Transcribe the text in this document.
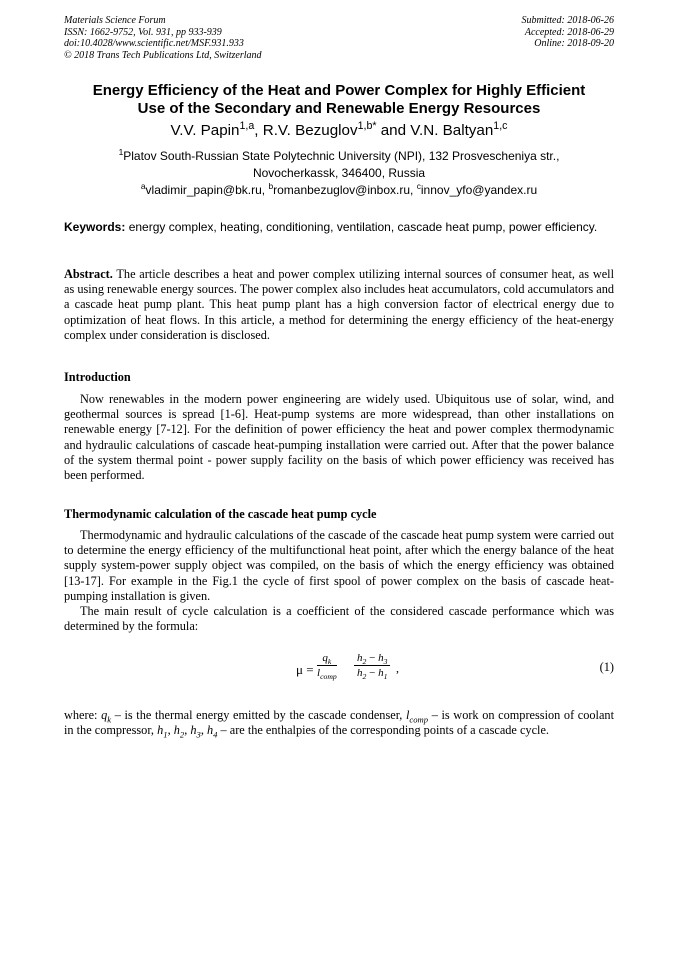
Materials Science Forum
ISSN: 1662-9752, Vol. 931, pp 933-939
doi:10.4028/www.scientific.net/MSF.931.933
© 2018 Trans Tech Publications Ltd, Switzerland
Submitted: 2018-06-26
Accepted: 2018-06-29
Online: 2018-09-20
Energy Efficiency of the Heat and Power Complex for Highly Efficient
Use of the Secondary and Renewable Energy Resources
V.V. Papin$^{1,a}$, R.V. Bezuglov$^{1,b*}$ and V.N. Baltyan$^{1,c}$
$^1$Platov South-Russian State Polytechnic University (NPI), 132 Prosvescheniya str.,
Novocherkassk, 346400, Russia
$^a$vladimir_papin@bk.ru, $^b$romanbezuglov@inbox.ru, $^c$innov_yfo@yandex.ru
Keywords: energy complex, heating, conditioning, ventilation, cascade heat pump, power efficiency.

Abstract. The article describes a heat and power complex utilizing internal sources of consumer heat, as well as using renewable energy sources. The power complex also includes heat accumulators, cold accumulators and a cascade heat pump plant. This heat pump plant has a high conversion factor of electrical energy due to optimization of heat flows. In this article, a method for determining the energy efficiency of the heat-energy complex under consideration is disclosed.

Introduction

Now renewables in the modern power engineering are widely used. Ubiquitous use of solar, wind, and geothermal sources is spread [1-6]. Heat-pump systems are more widespread, than other installations on renewable energy [7-12]. For the definition of power efficiency the heat and power complex thermodynamic and hydraulic calculations of cascade heat-pumping installation were carried out. After that the power balance of the system thermal point - power supply facility on the basis of which power efficiency was received has been performed.

Thermodynamic calculation of the cascade heat pump cycle

Thermodynamic and hydraulic calculations of the cascade of the cascade heat pump system were carried out to determine the energy efficiency of the multifunctional heat point, after which the energy balance of the heat supply system-power supply object was compiled, on the basis of which the energy efficiency was obtained [13-17]. For example in the Fig.1 the cycle of first spool of power complex on the basis of cascade heat-pumping installation is given.

The main result of cycle calculation is a coefficient of the considered cascade performance which was determined by the formula:

μ =
$q_k$
$l_{comp} \frac{h_2 - h_3}{h_2 - h_1}$ ,	(1)

where: $q_k$ – is the thermal energy emitted by the cascade condenser, $l_{comp}$ – is work on compression of coolant in the compressor, $h_1$, $h_2$, $h_3$, $h_4$ – are the enthalpies of the corresponding points of a cascade cycle.
